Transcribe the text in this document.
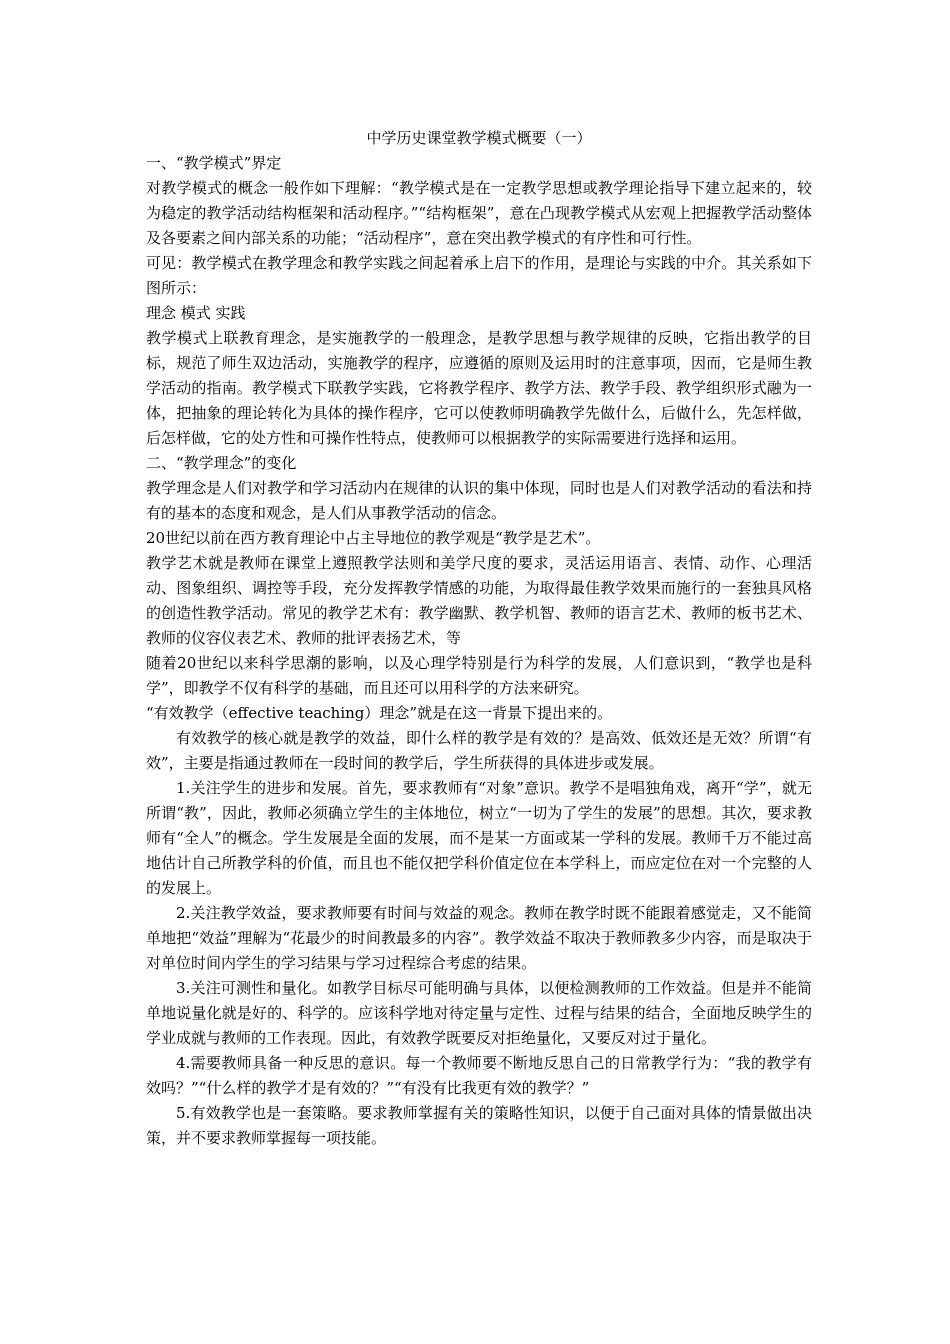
中学历史课堂教学模式概要（一）

一、“教学模式”界定

对教学模式的概念一般作如下理解：“教学模式是在一定教学思想或教学理论指导下建立起来的，较为稳定的教学活动结构框架和活动程序。”“结构框架”，意在凸现教学模式从宏观上把握教学活动整体及各要素之间内部关系的功能；“活动程序”，意在突出教学模式的有序性和可行性。

可见：教学模式在教学理念和教学实践之间起着承上启下的作用，是理论与实践的中介。其关系如下图所示：

理念 模式 实践

教学模式上联教育理念，是实施教学的一般理念，是教学思想与教学规律的反映，它指出教学的目标，规范了师生双边活动，实施教学的程序，应遵循的原则及运用时的注意事项，因而，它是师生教学活动的指南。教学模式下联教学实践，它将教学程序、教学方法、教学手段、教学组织形式融为一体，把抽象的理论转化为具体的操作程序，它可以使教师明确教学先做什么，后做什么，先怎样做，后怎样做，它的处方性和可操作性特点，使教师可以根据教学的实际需要进行选择和运用。

二、“教学理念”的变化

教学理念是人们对教学和学习活动内在规律的认识的集中体现，同时也是人们对教学活动的看法和持有的基本的态度和观念，是人们从事教学活动的信念。

20世纪以前在西方教育理论中占主导地位的教学观是“教学是艺术”。

教学艺术就是教师在课堂上遵照教学法则和美学尺度的要求，灵活运用语言、表情、动作、心理活动、图象组织、调控等手段，充分发挥教学情感的功能，为取得最佳教学效果而施行的一套独具风格的创造性教学活动。常见的教学艺术有：教学幽默、教学机智、教师的语言艺术、教师的板书艺术、教师的仪容仪表艺术、教师的批评表扬艺术，等

随着20世纪以来科学思潮的影响，以及心理学特别是行为科学的发展，人们意识到，“教学也是科学”，即教学不仅有科学的基础，而且还可以用科学的方法来研究。

“有效教学（effective teaching）理念”就是在这一背景下提出来的。

有效教学的核心就是教学的效益，即什么样的教学是有效的？是高效、低效还是无效？所谓“有效”，主要是指通过教师在一段时间的教学后，学生所获得的具体进步或发展。

1.关注学生的进步和发展。首先，要求教师有“对象”意识。教学不是唱独角戏，离开“学”，就无所谓“教”，因此，教师必须确立学生的主体地位，树立“一切为了学生的发展”的思想。其次，要求教师有“全人”的概念。学生发展是全面的发展，而不是某一方面或某一学科的发展。教师千万不能过高地估计自己所教学科的价值，而且也不能仅把学科价值定位在本学科上，而应定位在对一个完整的人的发展上。

2.关注教学效益，要求教师要有时间与效益的观念。教师在教学时既不能跟着感觉走，又不能简单地把“效益”理解为“花最少的时间教最多的内容”。教学效益不取决于教师教多少内容，而是取决于对单位时间内学生的学习结果与学习过程综合考虑的结果。

3.关注可测性和量化。如教学目标尽可能明确与具体，以便检测教师的工作效益。但是并不能简单地说量化就是好的、科学的。应该科学地对待定量与定性、过程与结果的结合，全面地反映学生的学业成就与教师的工作表现。因此，有效教学既要反对拒绝量化，又要反对过于量化。

4.需要教师具备一种反思的意识。每一个教师要不断地反思自己的日常教学行为：“我的教学有效吗？”“什么样的教学才是有效的？”“有没有比我更有效的教学？”

5.有效教学也是一套策略。要求教师掌握有关的策略性知识，以便于自己面对具体的情景做出决策，并不要求教师掌握每一项技能。
